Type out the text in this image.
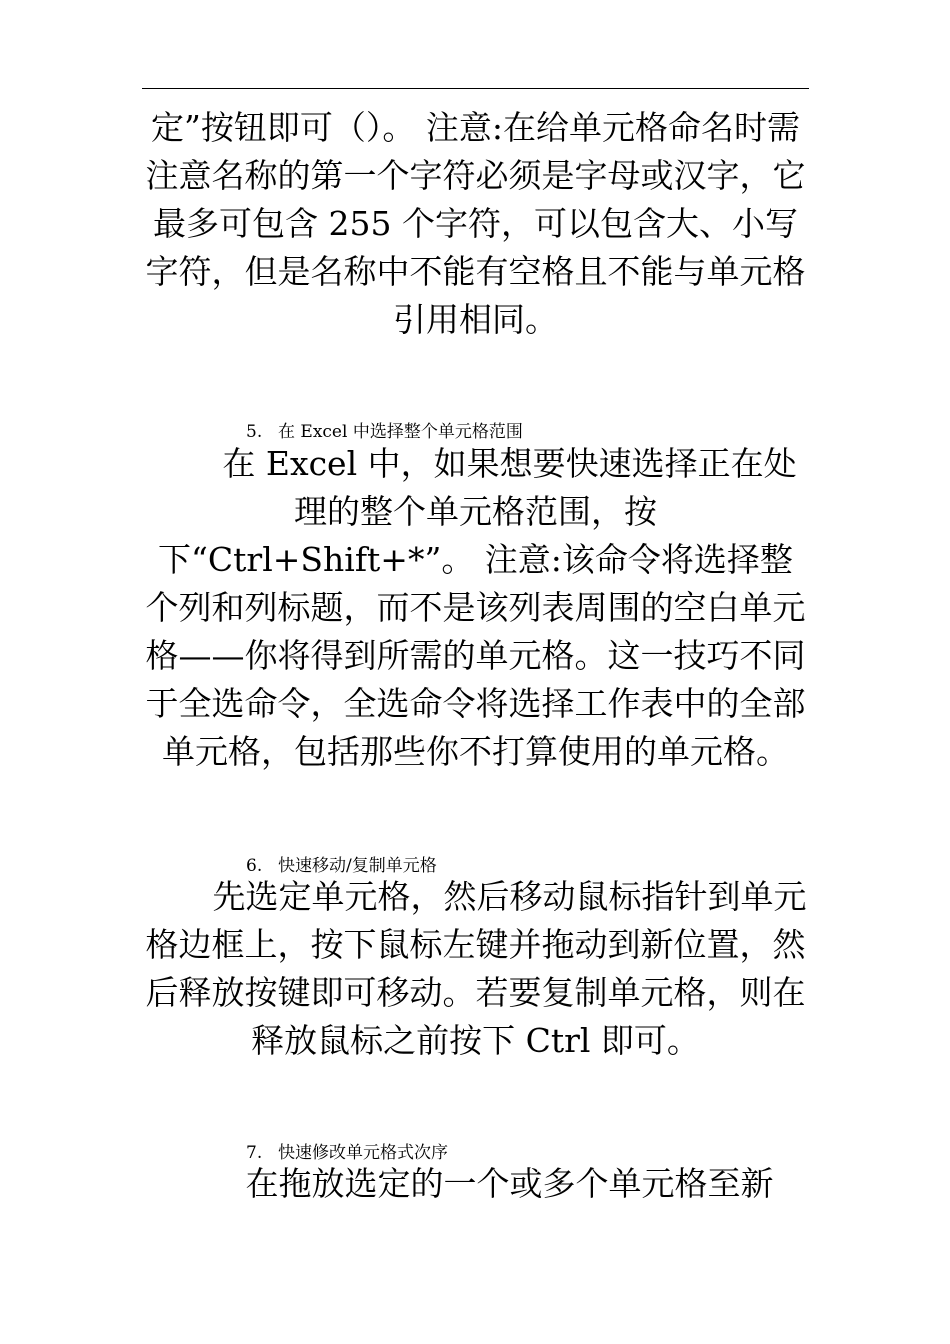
定”按钮即可（）。 注意:在给单元格命名时需注意名称的第一个字符必须是字母或汉字，它最多可包含 255 个字符，可以包含大、小写字符，但是名称中不能有空格且不能与单元格引用相同。

5. 在 Excel 中选择整个单元格范围

在 Excel 中，如果想要快速选择正在处理的整个单元格范围，按下“Ctrl+Shift+*”。 注意:该命令将选择整个列和列标题，而不是该列表周围的空白单元格——你将得到所需的单元格。这一技巧不同于全选命令，全选命令将选择工作表中的全部单元格，包括那些你不打算使用的单元格。

6. 快速移动/复制单元格

先选定单元格，然后移动鼠标指针到单元格边框上，按下鼠标左键并拖动到新位置，然后释放按键即可移动。若要复制单元格，则在释放鼠标之前按下 Ctrl 即可。

7. 快速修改单元格式次序

在拖放选定的一个或多个单元格至新
